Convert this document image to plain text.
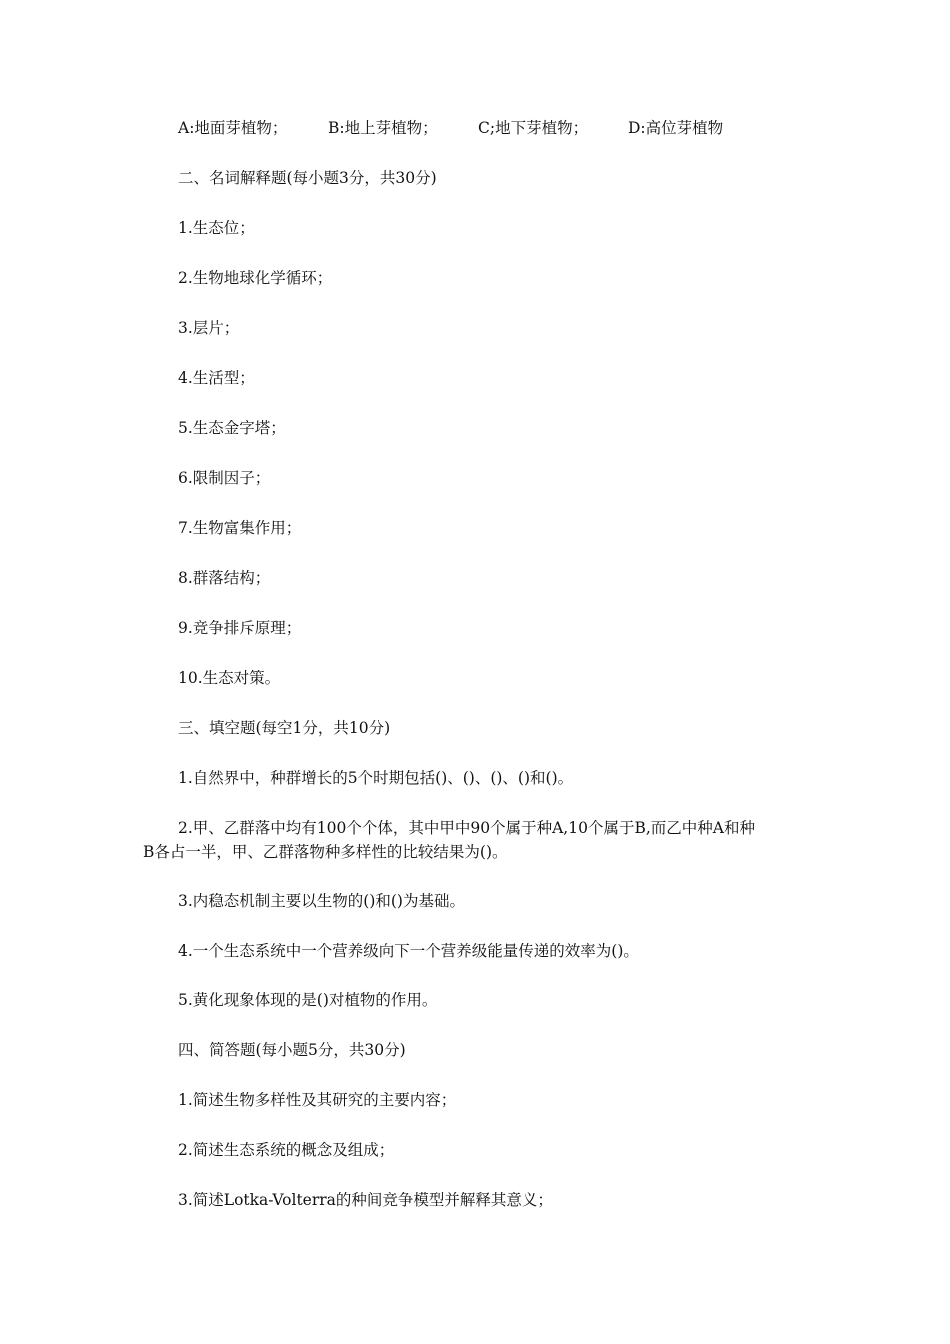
A:地面芽植物；	B:地上芽植物；	C;地下芽植物；	D:高位芽植物
二、名词解释题(每小题3分，共30分)
1.生态位；
2.生物地球化学循环；
3.层片；
4.生活型；
5.生态金字塔；
6.限制因子；
7.生物富集作用；
8.群落结构；
9.竞争排斥原理；
10.生态对策。
三、填空题(每空1分，共10分)
1.自然界中，种群增长的5个时期包括()、()、()、()和()。
2.甲、乙群落中均有100个个体，其中甲中90个属于种A,10个属于B,而乙中种A和种
B各占一半，甲、乙群落物种多样性的比较结果为()。
3.内稳态机制主要以生物的()和()为基础。
4.一个生态系统中一个营养级向下一个营养级能量传递的效率为()。
5.黄化现象体现的是()对植物的作用。
四、简答题(每小题5分，共30分)
1.简述生物多样性及其研究的主要内容；
2.简述生态系统的概念及组成；
3.简述Lotka-Volterra的种间竞争模型并解释其意义；
